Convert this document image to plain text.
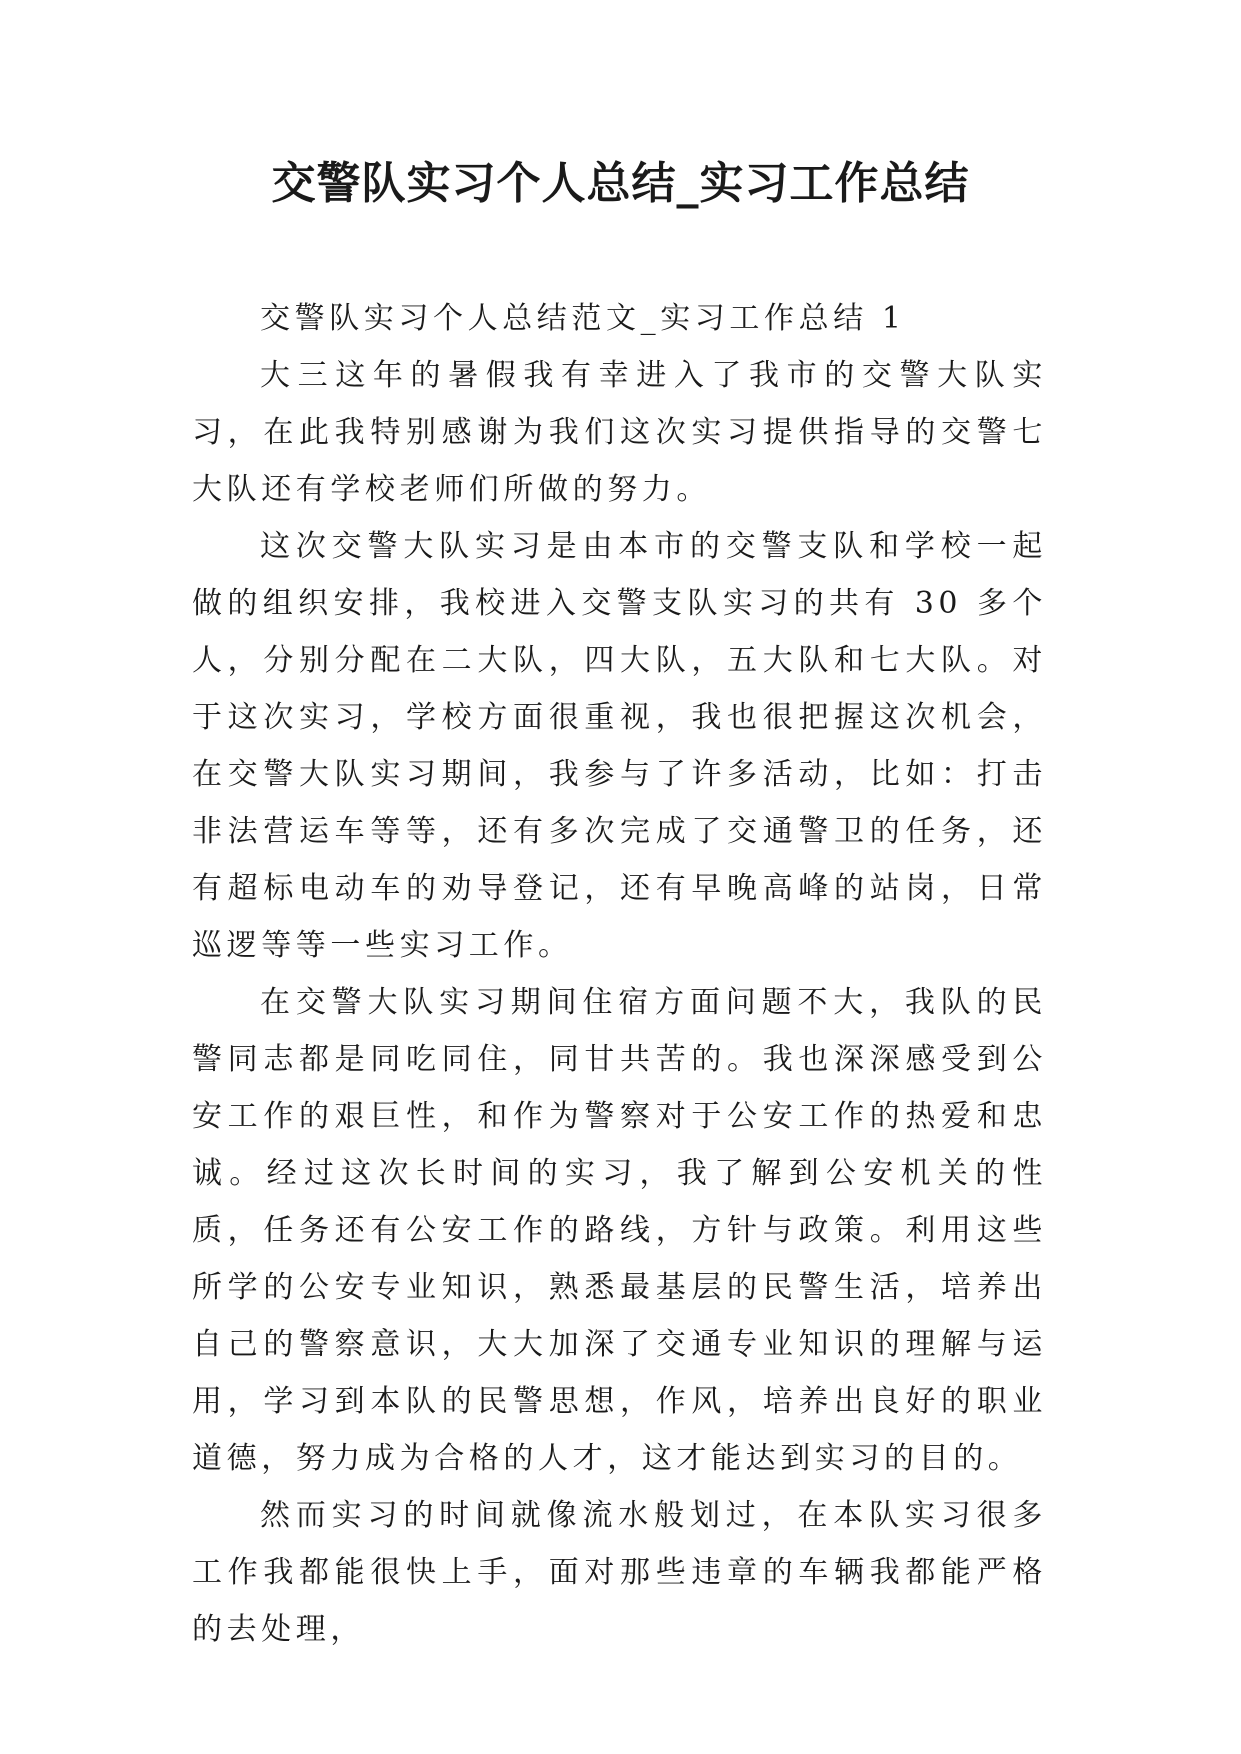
交警队实习个人总结_实习工作总结

交警队实习个人总结范文_实习工作总结 1

大三这年的暑假我有幸进入了我市的交警大队实习，在此我特别感谢为我们这次实习提供指导的交警七大队还有学校老师们所做的努力。

这次交警大队实习是由本市的交警支队和学校一起做的组织安排，我校进入交警支队实习的共有 30 多个人，分别分配在二大队，四大队，五大队和七大队。对于这次实习，学校方面很重视，我也很把握这次机会，在交警大队实习期间，我参与了许多活动，比如：打击非法营运车等等，还有多次完成了交通警卫的任务，还有超标电动车的劝导登记，还有早晚高峰的站岗，日常巡逻等等一些实习工作。

在交警大队实习期间住宿方面问题不大，我队的民警同志都是同吃同住，同甘共苦的。我也深深感受到公安工作的艰巨性，和作为警察对于公安工作的热爱和忠诚。经过这次长时间的实习，我了解到公安机关的性质，任务还有公安工作的路线，方针与政策。利用这些所学的公安专业知识，熟悉最基层的民警生活，培养出自己的警察意识，大大加深了交通专业知识的理解与运用，学习到本队的民警思想，作风，培养出良好的职业道德，努力成为合格的人才，这才能达到实习的目的。

然而实习的时间就像流水般划过，在本队实习很多工作我都能很快上手，面对那些违章的车辆我都能严格的去处理，
